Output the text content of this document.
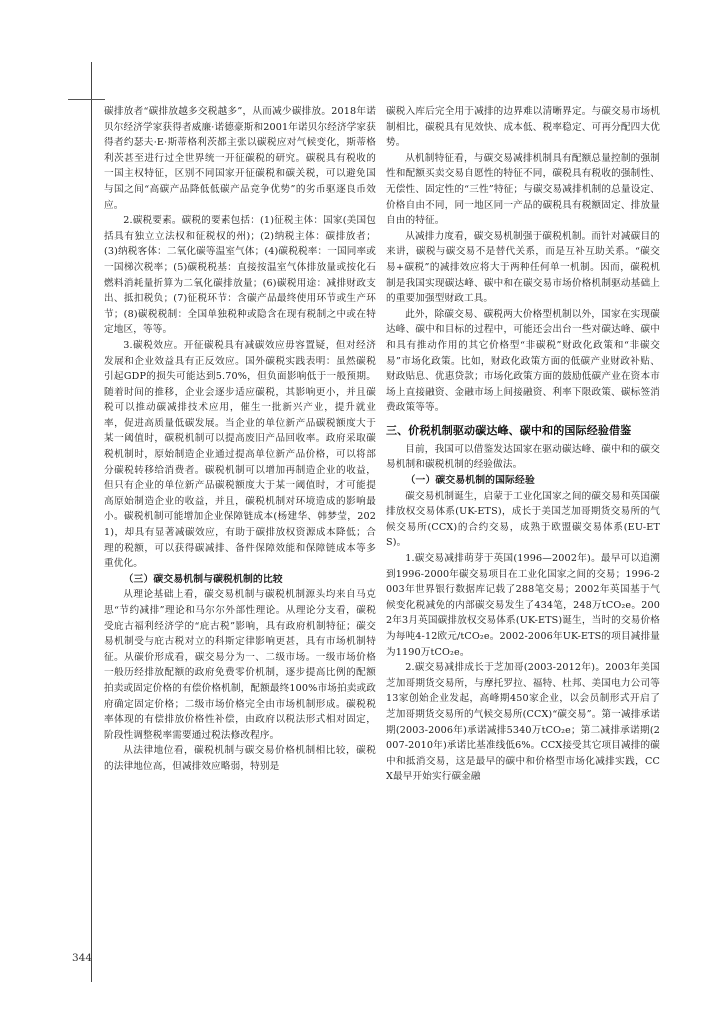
碳排放者“碳排放越多交税越多”，从而减少碳排放。2018年诺贝尔经济学家获得者威廉·诺德豪斯和2001年诺贝尔经济学家获得者约瑟夫·E·斯蒂格利茨都主张以碳税应对气候变化，斯蒂格利茨甚至进行过全世界统一开征碳税的研究。碳税具有税收的一国主权特征，区别不同国家开征碳税和碳关税，可以避免国与国之间“高碳产品降低低碳产品竞争优势”的劣币驱逐良币效应。

2.碳税要素。碳税的要素包括：(1)征税主体：国家(美国包括具有独立立法权和征税权的州)；(2)纳税主体：碳排放者；(3)纳税客体：二氧化碳等温室气体；(4)碳税税率：一国同率或一国梯次税率；(5)碳税税基：直接按温室气体排放量或按化石燃料消耗量折算为二氧化碳排放量；(6)碳税用途：减排财政支出、抵扣税负；(7)征税环节：含碳产品最终使用环节或生产环节；(8)碳税税制：全国单独税种或隐含在现有税制之中或在特定地区，等等。

3.碳税效应。开征碳税具有减碳效应毋容置疑，但对经济发展和企业效益具有正反效应。国外碳税实践表明：虽然碳税引起GDP的损失可能达到5.70%，但负面影响低于一般预期。随着时间的推移，企业会逐步适应碳税，其影响更小，并且碳税可以推动碳减排技术应用，催生一批新兴产业，提升就业率，促进高质量低碳发展。当企业的单位新产品碳税额度大于某一阈值时，碳税机制可以提高废旧产品回收率。政府采取碳税机制时，原始制造企业通过提高单位新产品价格，可以将部分碳税转移给消费者。碳税机制可以增加再制造企业的收益，但只有企业的单位新产品碳税额度大于某一阈值时，才可能提高原始制造企业的收益，并且，碳税机制对环境造成的影响最小。碳税机制可能增加企业保障链成本(杨建华、韩梦莹，2021)，却具有显著减碳效应，有助于碳排放权资源成本降低；合理的税额，可以获得碳减排、备件保障效能和保障链成本等多重优化。

（三）碳交易机制与碳税机制的比较

从理论基础上看，碳交易机制与碳税机制源头均来自马克思“节约减排”理论和马尔尔外部性理论。从理论分支看，碳税受庇古福利经济学的“庇古税”影响，具有政府机制特征；碳交易机制受与庇古税对立的科斯定律影响更甚，具有市场机制特征。从碳价形成看，碳交易分为一、二级市场。一级市场价格一般历经排放配额的政府免费零价机制，逐步提高比例的配额拍卖或固定价格的有偿价格机制，配额最终100%市场拍卖或政府确定固定价格；二级市场价格完全由市场机制形成。碳税税率体现的有偿排放价格性补偿，由政府以税法形式相对固定，阶段性调整税率需要通过税法修改程序。

从法律地位看，碳税机制与碳交易价格机制相比较，碳税的法律地位高，但减排效应略弱，特别是

碳税入库后完全用于减排的边界难以清晰界定。与碳交易市场机制相比，碳税具有见效快、成本低、税率稳定、可再分配四大优势。

从机制特征看，与碳交易减排机制具有配额总量控制的强制性和配额买卖交易自愿性的特征不同，碳税具有税收的强制性、无偿性、固定性的“三性”特征；与碳交易减排机制的总量设定、价格自由不同，同一地区同一产品的碳税具有税额固定、排放量自由的特征。

从减排力度看，碳交易机制强于碳税机制。而针对减碳目的来讲，碳税与碳交易不是替代关系，而是互补互助关系。“碳交易+碳税”的减排效应将大于两种任何单一机制。因而，碳税机制是我国实现碳达峰、碳中和在碳交易市场价格机制驱动基础上的重要加强型财政工具。

此外，除碳交易、碳税两大价格型机制以外，国家在实现碳达峰、碳中和目标的过程中，可能还会出台一些对碳达峰、碳中和具有推动作用的其它价格型“非碳税”财政化政策和“非碳交易”市场化政策。比如，财政化政策方面的低碳产业财政补贴、财政贴息、优惠贷款；市场化政策方面的鼓励低碳产业在资本市场上直接融资、金融市场上间接融资、利率下限政策、碳标签消费政策等等。

三、价税机制驱动碳达峰、碳中和的国际经验借鉴

目前，我国可以借鉴发达国家在驱动碳达峰、碳中和的碳交易机制和碳税机制的经验做法。

（一）碳交易机制的国际经验

碳交易机制诞生，启蒙于工业化国家之间的碳交易和英国碳排放权交易体系(UK-ETS)，成长于美国芝加哥期货交易所的气候交易所(CCX)的合约交易，成熟于欧盟碳交易体系(EU-ETS)。

1.碳交易减排萌芽于英国(1996—2002年)。最早可以追溯到1996-2000年碳交易项目在工业化国家之间的交易；1996-2003年世界银行数据库记载了288笔交易；2002年英国基于气候变化税减免的内部碳交易发生了434笔，248万tCO₂e。2002年3月英国碳排放权交易体系(UK-ETS)诞生，当时的交易价格为每吨4-12欧元/tCO₂e。2002-2006年UK-ETS的项目减排量为1190万tCO₂e。

2.碳交易减排成长于芝加哥(2003-2012年)。2003年美国芝加哥期货交易所，与摩托罗拉、福特、杜邦、美国电力公司等13家创始企业发起，高峰期450家企业，以会员制形式开启了芝加哥期货交易所的气候交易所(CCX)“碳交易”。第一减排承诺期(2003-2006年)承诺减排5340万tCO₂e；第二减排承诺期(2007-2010年)承诺比基准线低6%。CCX接受其它项目减排的碳中和抵消交易，这是最早的碳中和价格型市场化减排实践，CCX最早开始实行碳金融

344
